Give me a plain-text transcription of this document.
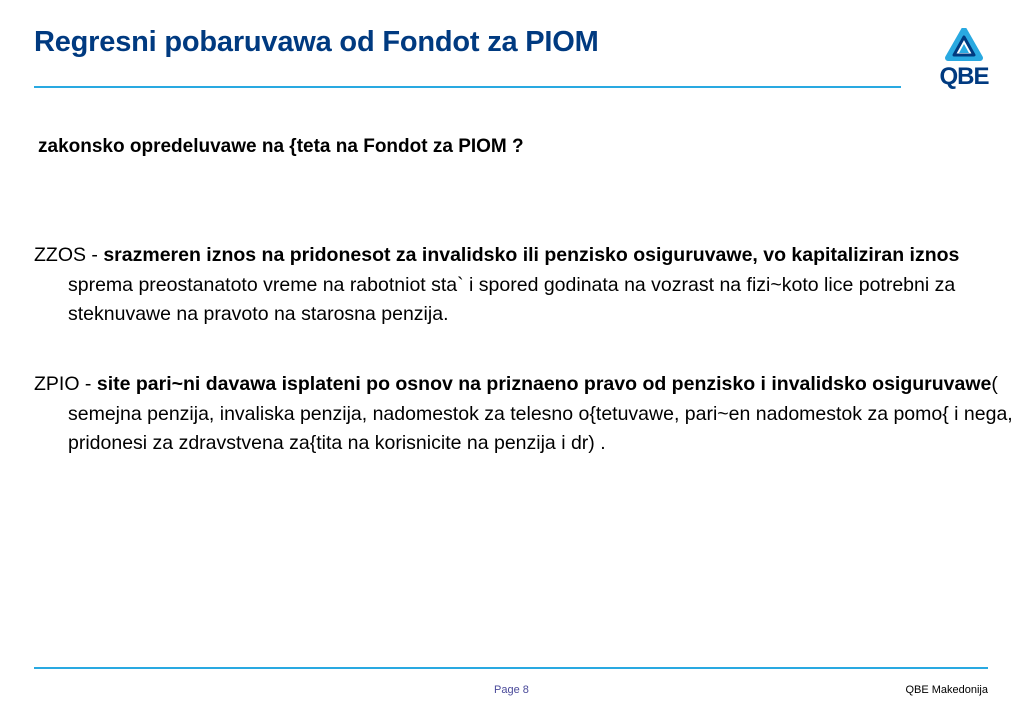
Regresni pobaruvawa od Fondot za PIOM
QBE
zakonsko opredeluvawe na {teta na Fondot za PIOM ?

ZZOS - srazmeren iznos na pridonesot za invalidsko ili penzisko osiguruvawe, vo kapitaliziran iznos sprema preostanatoto vreme na rabotniot sta` i spored godinata na vozrast na fizi~koto lice potrebni za steknuvawe na pravoto na starosna penzija.

ZPIO - site pari~ni davawa isplateni po osnov na priznaeno pravo od penzisko i invalidsko osiguruvawe( semejna penzija, invaliska penzija, nadomestok za telesno o{tetuvawe, pari~en nadomestok za pomo{ i nega, pridonesi za zdravstvena za{tita na korisnicite na penzija i dr) .

Page 8	QBE Makedonija
